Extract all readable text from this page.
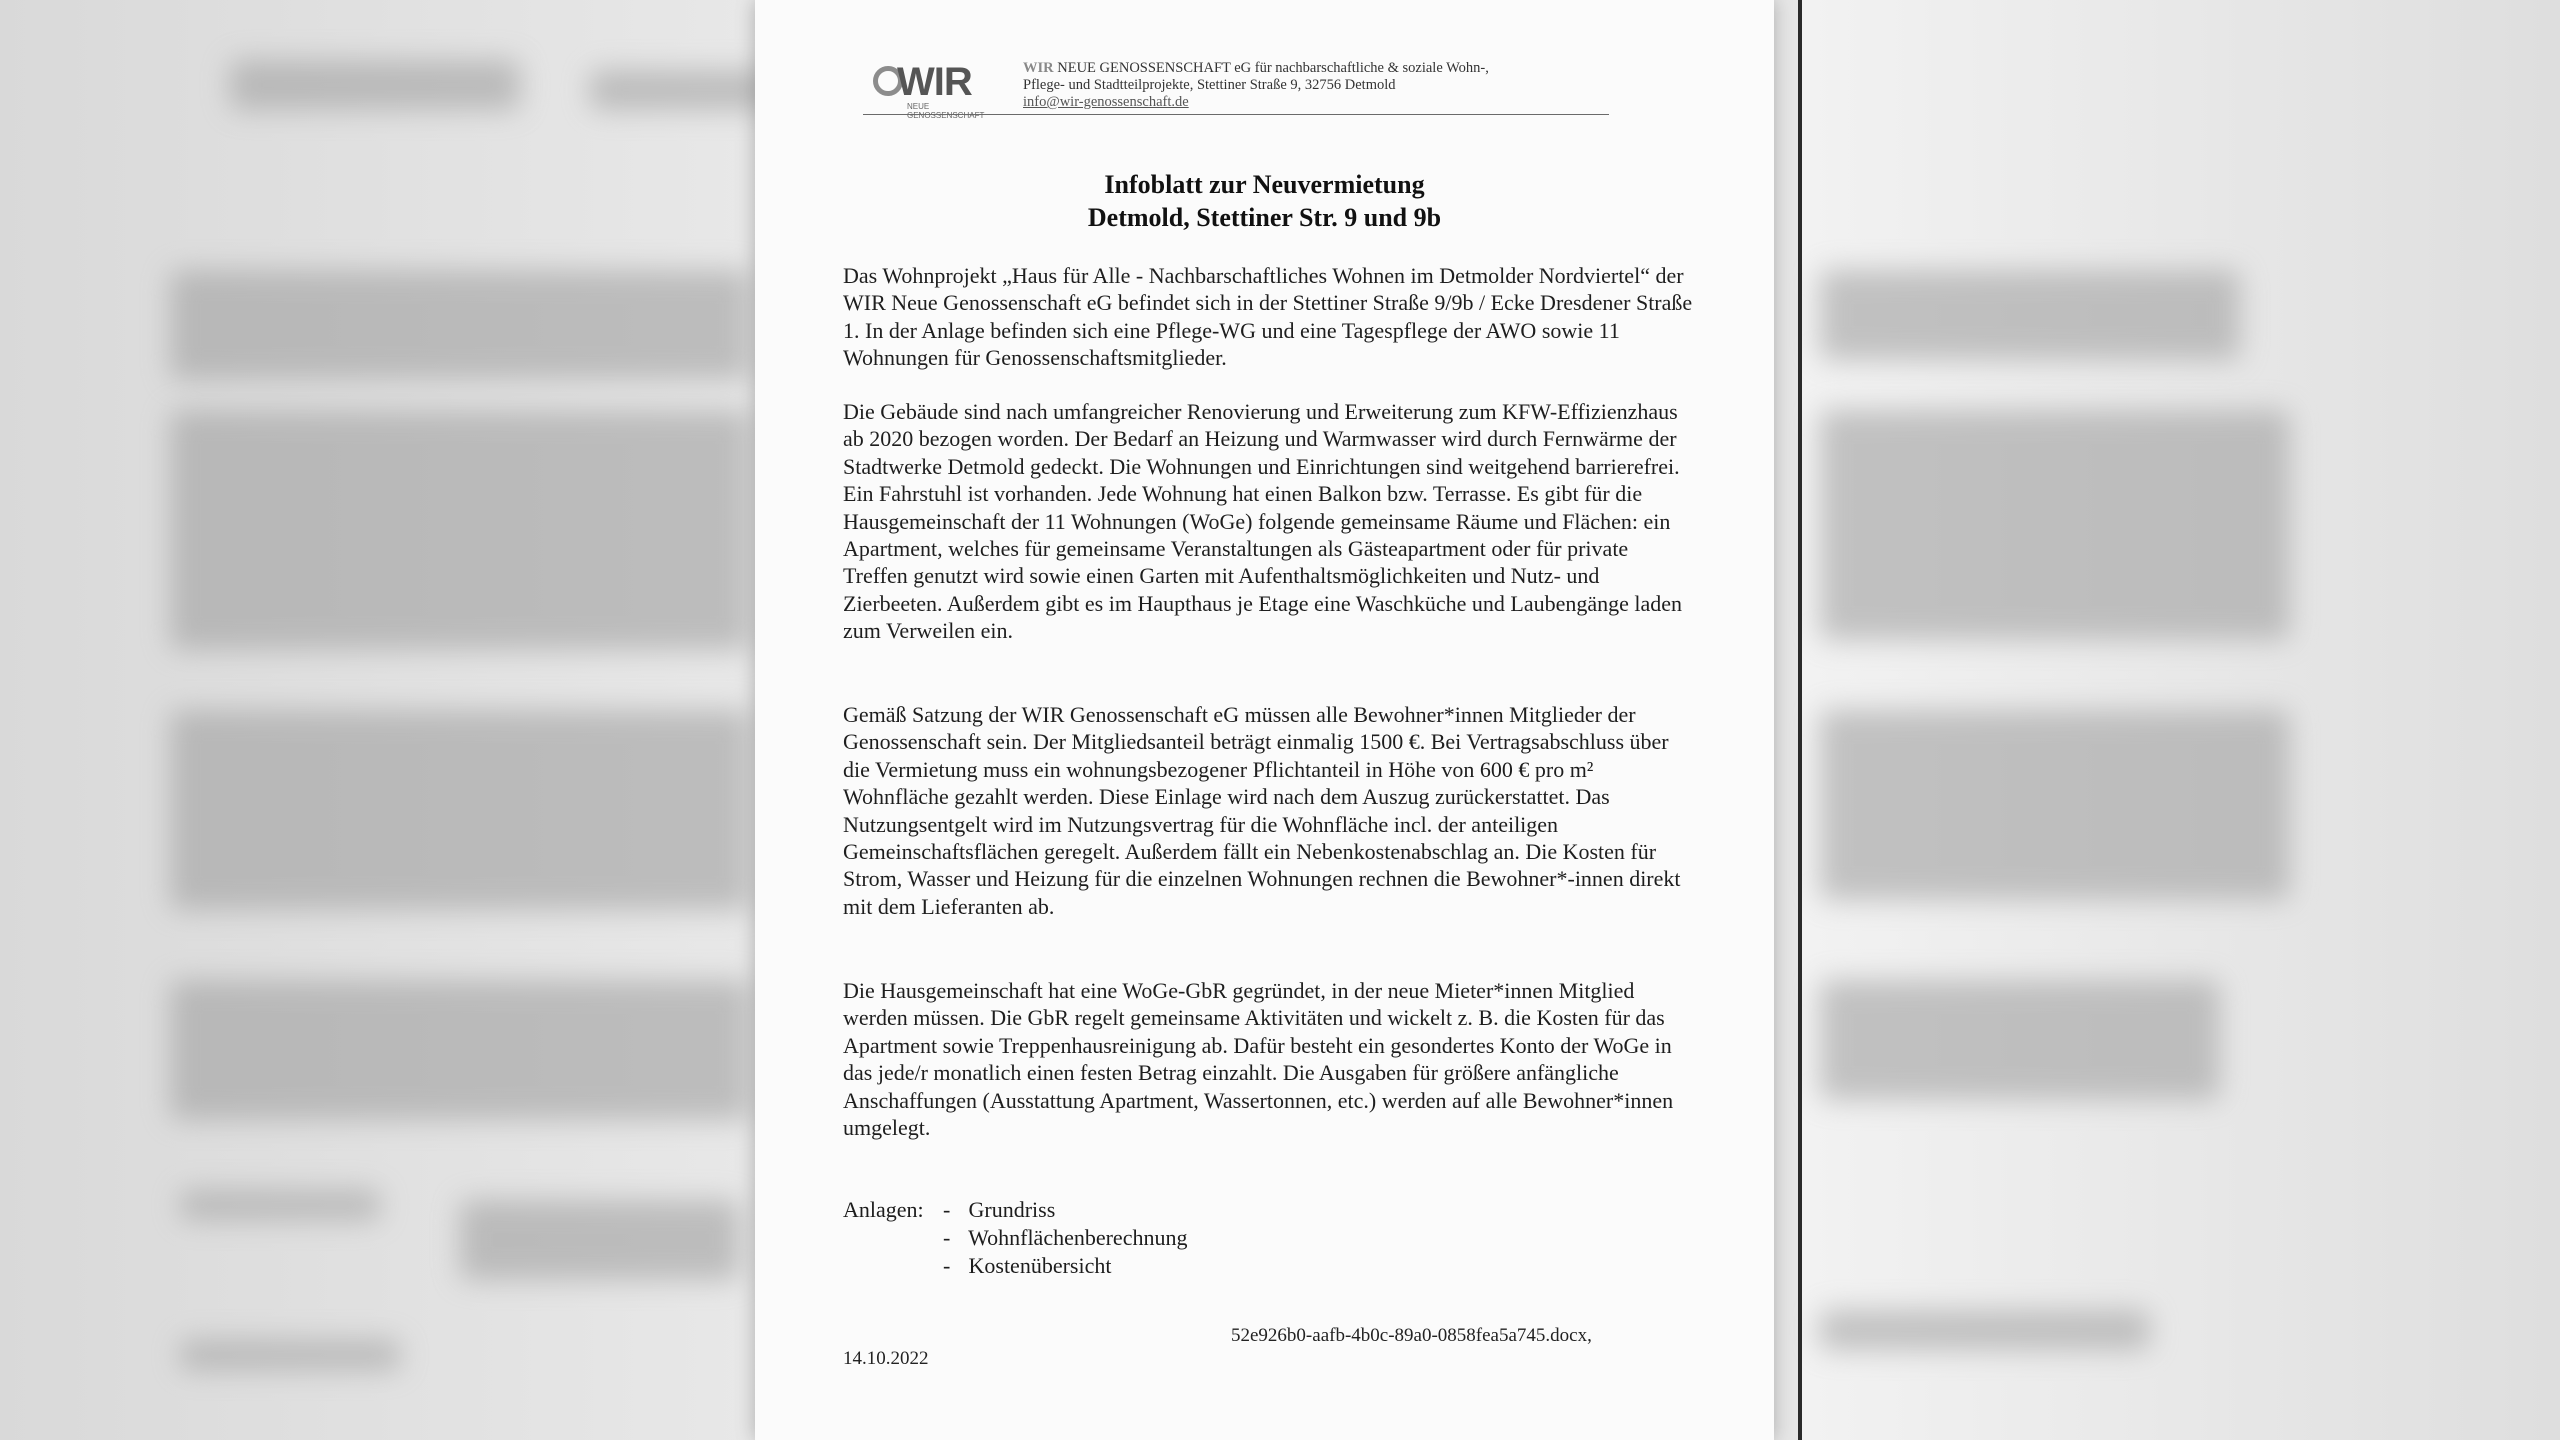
WIR
NEUE GENOSSENSCHAFT
WIR NEUE GENOSSENSCHAFT eG für nachbarschaftliche & soziale Wohn-,
Pflege- und Stadtteilprojekte, Stettiner Straße 9, 32756 Detmold
info@wir-genossenschaft.de
Infoblatt zur Neuvermietung
Detmold, Stettiner Str. 9 und 9b

Das Wohnprojekt „Haus für Alle - Nachbarschaftliches Wohnen im Detmolder Nordviertel“ der WIR Neue Genossenschaft eG befindet sich in der Stettiner Straße 9/9b / Ecke Dresdener Straße 1. In der Anlage befinden sich eine Pflege-WG und eine Tagespflege der AWO sowie 11 Wohnungen für Genossenschaftsmitglieder.

Die Gebäude sind nach umfangreicher Renovierung und Erweiterung zum KFW-Effizienzhaus ab 2020 bezogen worden. Der Bedarf an Heizung und Warmwasser wird durch Fernwärme der Stadtwerke Detmold gedeckt. Die Wohnungen und Einrichtungen sind weitgehend barrierefrei. Ein Fahrstuhl ist vorhanden. Jede Wohnung hat einen Balkon bzw. Terrasse. Es gibt für die Hausgemeinschaft der 11 Wohnungen (WoGe) folgende gemeinsame Räume und Flächen: ein Apartment, welches für gemeinsame Veranstaltungen als Gästeapartment oder für private Treffen genutzt wird sowie einen Garten mit Aufenthaltsmöglichkeiten und Nutz- und Zierbeeten. Außerdem gibt es im Haupthaus je Etage eine Waschküche und Laubengänge laden zum Verweilen ein.

Gemäß Satzung der WIR Genossenschaft eG müssen alle Bewohner*innen Mitglieder der Genossenschaft sein. Der Mitgliedsanteil beträgt einmalig 1500 €. Bei Vertragsabschluss über die Vermietung muss ein wohnungsbezogener Pflichtanteil in Höhe von 600 € pro m² Wohnfläche gezahlt werden. Diese Einlage wird nach dem Auszug zurückerstattet. Das Nutzungsentgelt wird im Nutzungsvertrag für die Wohnfläche incl. der anteiligen Gemeinschaftsflächen geregelt. Außerdem fällt ein Nebenkostenabschlag an. Die Kosten für Strom, Wasser und Heizung für die einzelnen Wohnungen rechnen die Bewohner*-innen direkt mit dem Lieferanten ab.

Die Hausgemeinschaft hat eine WoGe-GbR gegründet, in der neue Mieter*innen Mitglied werden müssen. Die GbR regelt gemeinsame Aktivitäten und wickelt z. B. die Kosten für das Apartment sowie Treppenhausreinigung ab. Dafür besteht ein gesondertes Konto der WoGe in das jede/r monatlich einen festen Betrag einzahlt. Die Ausgaben für größere anfängliche Anschaffungen (Ausstattung Apartment, Wassertonnen, etc.) werden auf alle Bewohner*innen umgelegt.

Anlagen: - Grundriss
- Wohnflächenberechnung
- Kostenübersicht
52e926b0-aafb-4b0c-89a0-0858fea5a745.docx,
14.10.2022
